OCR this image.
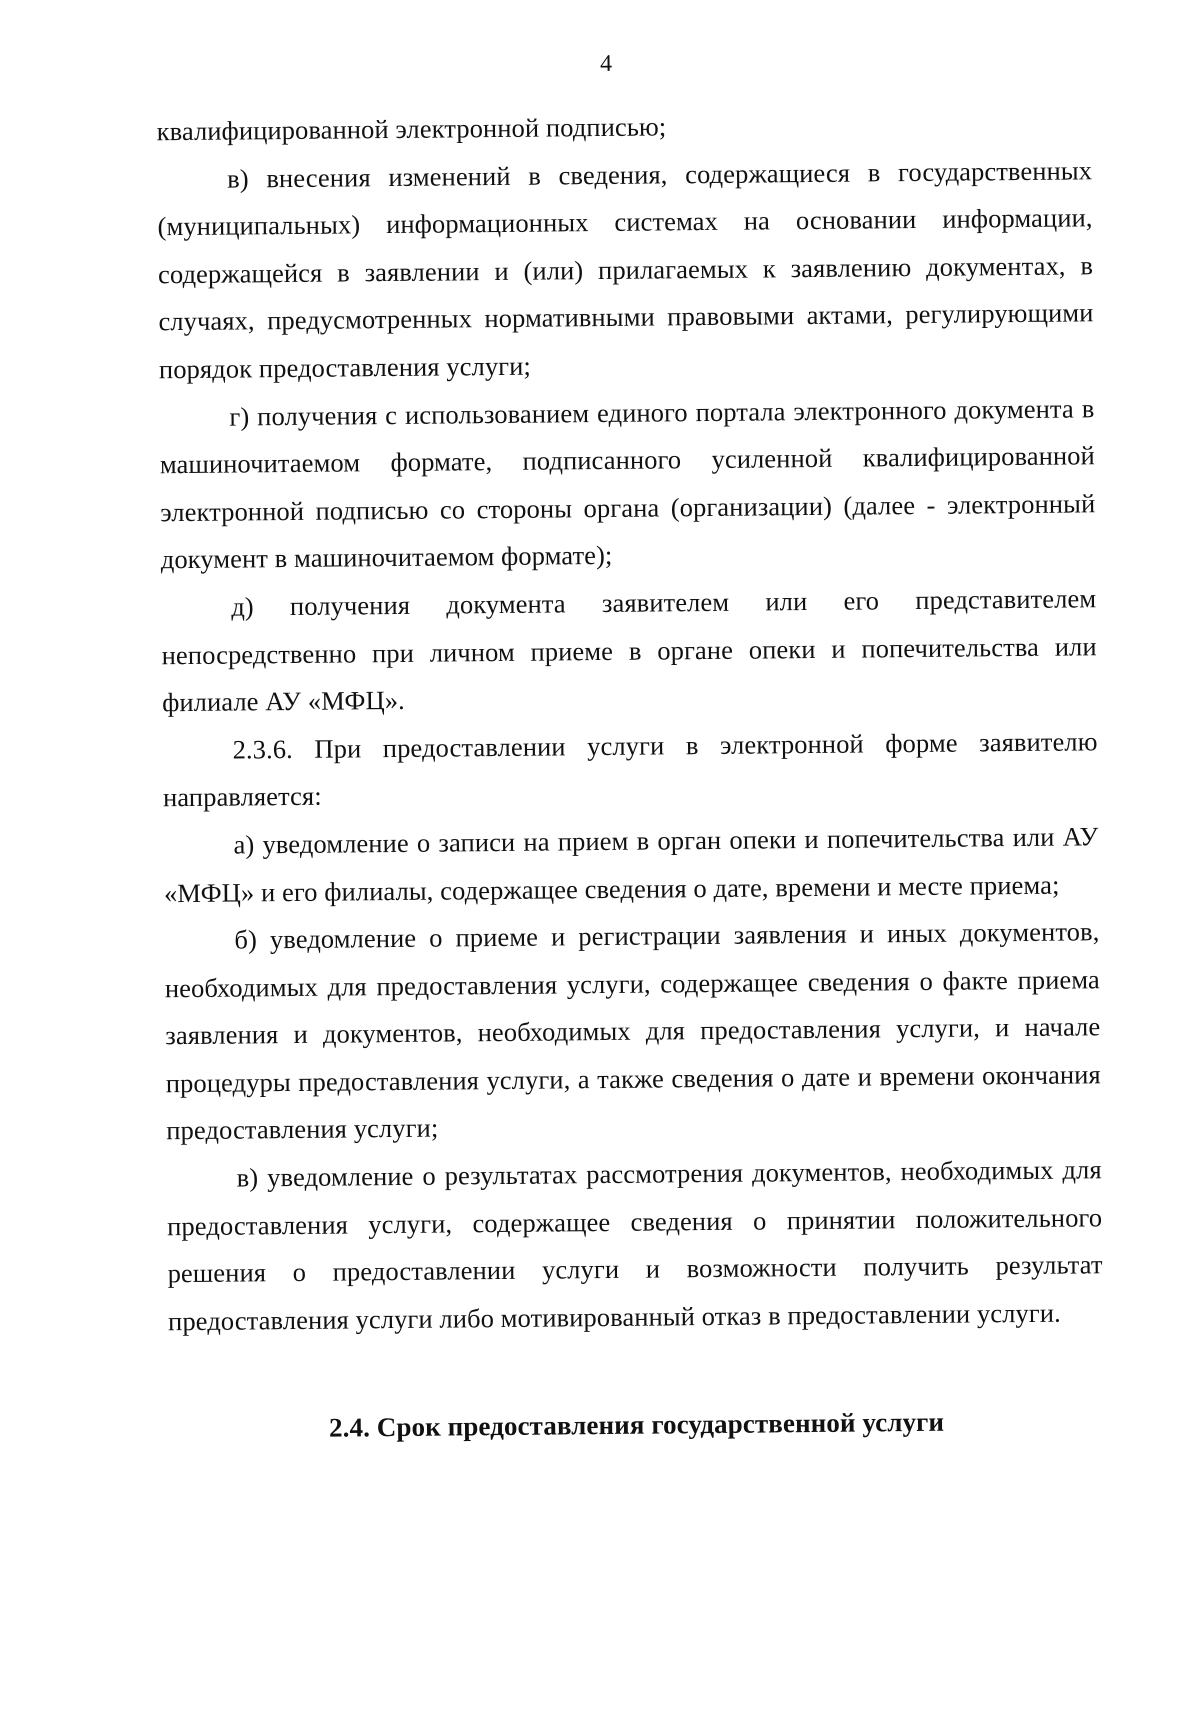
4

квалифицированной электронной подписью;

в) внесения изменений в сведения, содержащиеся в государственных (муниципальных) информационных системах на основании информации, содержащейся в заявлении и (или) прилагаемых к заявлению документах, в случаях, предусмотренных нормативными правовыми актами, регулирующими порядок предоставления услуги;

г) получения с использованием единого портала электронного документа в машиночитаемом формате, подписанного усиленной квалифицированной электронной подписью со стороны органа (организации) (далее - электронный документ в машиночитаемом формате);

д) получения документа заявителем или его представителем непосредственно при личном приеме в органе опеки и попечительства или филиале АУ «МФЦ».

2.3.6. При предоставлении услуги в электронной форме заявителю направляется:

а) уведомление о записи на прием в орган опеки и попечительства или АУ «МФЦ» и его филиалы, содержащее сведения о дате, времени и месте приема;

б) уведомление о приеме и регистрации заявления и иных документов, необходимых для предоставления услуги, содержащее сведения о факте приема заявления и документов, необходимых для предоставления услуги, и начале процедуры предоставления услуги, а также сведения о дате и времени окончания предоставления услуги;

в) уведомление о результатах рассмотрения документов, необходимых для предоставления услуги, содержащее сведения о принятии положительного решения о предоставлении услуги и возможности получить результат предоставления услуги либо мотивированный отказ в предоставлении услуги.

2.4. Срок предоставления государственной услуги
